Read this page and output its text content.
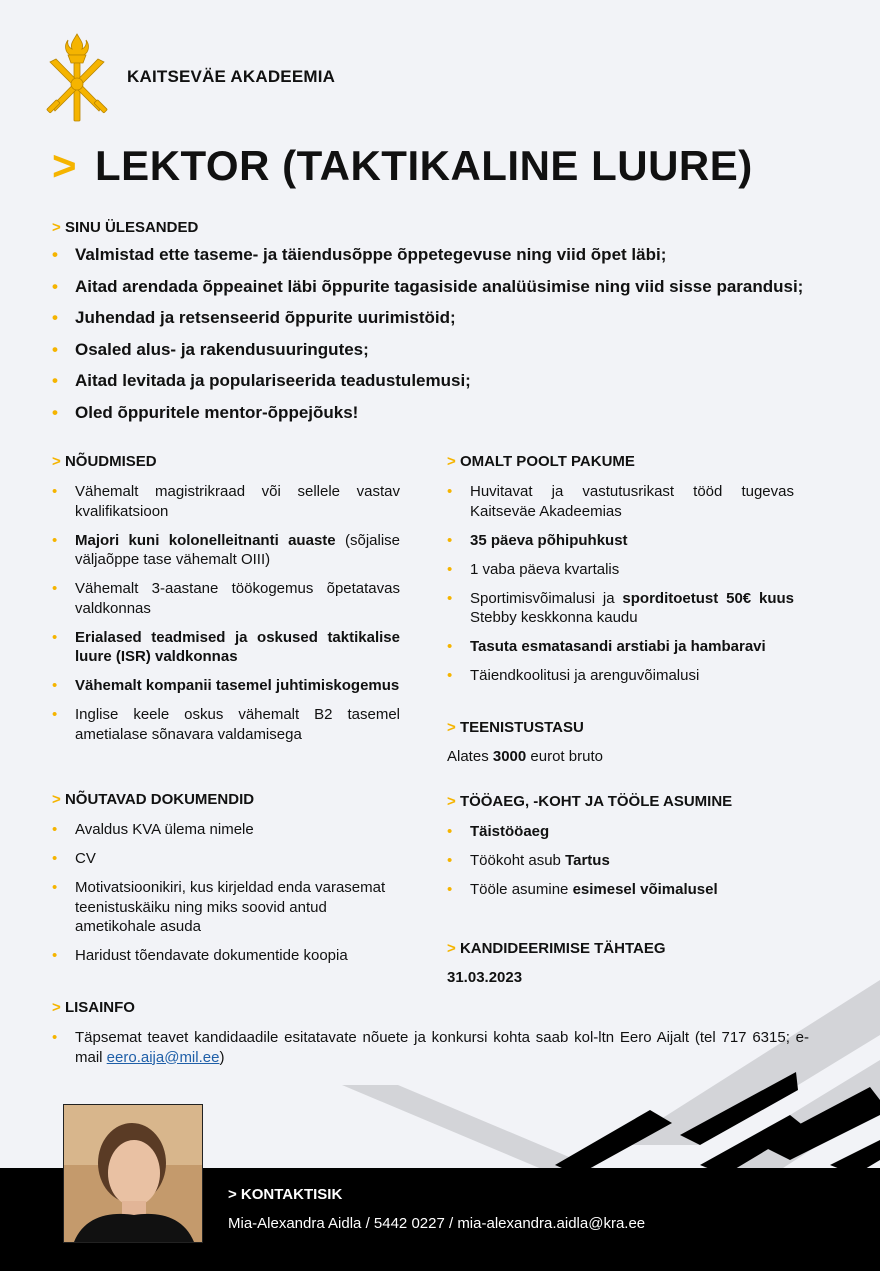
KAITSEVÄE AKADEEMIA
> LEKTOR (TAKTIKALINE LUURE)
> SINU ÜLESANDED
• Valmistad ette taseme- ja täiendusõppe õppetegevuse ning viid õpet läbi;
• Aitad arendada õppeainet läbi õppurite tagasiside analüüsimise ning viid sisse parandusi;
• Juhendad ja retsenseerid õppurite uurimistöid;
• Osaled alus- ja rakendusuuringutes;
• Aitad levitada ja populariseerida teadustulemusi;
• Oled õppuritele mentor-õppejõuks!
> NÕUDMISED
• Vähemalt magistrikraad või sellele vastav kvalifikatsioon
• Majori kuni kolonelleitnanti auaste (sõjalise väljaõppe tase vähemalt OIII)
• Vähemalt 3-aastane töökogemus õpetatavas valdkonnas
• Erialased teadmised ja oskused taktikalise luure (ISR) valdkonnas
• Vähemalt kompanii tasemel juhtimiskogemus
• Inglise keele oskus vähemalt B2 tasemel ametialase sõnavara valdamisega
> OMALT POOLT PAKUME
• Huvitavat ja vastutusrikast tööd tugevas Kaitseväe Akadeemias
• 35 päeva põhipuhkust
• 1 vaba päeva kvartalis
• Sportimisvõimalusi ja sporditoetust 50€ kuus Stebby keskkonna kaudu
• Tasuta esmatasandi arstiabi ja hambaravi
• Täiendkoolitusi ja arenguvõimalusi
> TEENISTUSTASU
Alates 3000 eurot bruto
> NÕUTAVAD DOKUMENDID
• Avaldus KVA ülema nimele
• CV
• Motivatsioonikiri, kus kirjeldad enda varasemat teenistuskäiku ning miks soovid antud ametikohale asuda
• Haridust tõendavate dokumentide koopia
> TÖÖAEG, -KOHT JA TÖÖLE ASUMINE
• Täistööaeg
• Töökoht asub Tartus
• Tööle asumine esimesel võimalusel
> KANDIDEERIMISE TÄHTAEG
31.03.2023
> LISAINFO
• Täpsemat teavet kandidaadile esitatavate nõuete ja konkursi kohta saab kol-ltn Eero Aijalt (tel 717 6315; e-mail eero.aija@mil.ee)
> KONTAKTISIK
Mia-Alexandra Aidla / 5442 0227 / mia-alexandra.aidla@kra.ee
